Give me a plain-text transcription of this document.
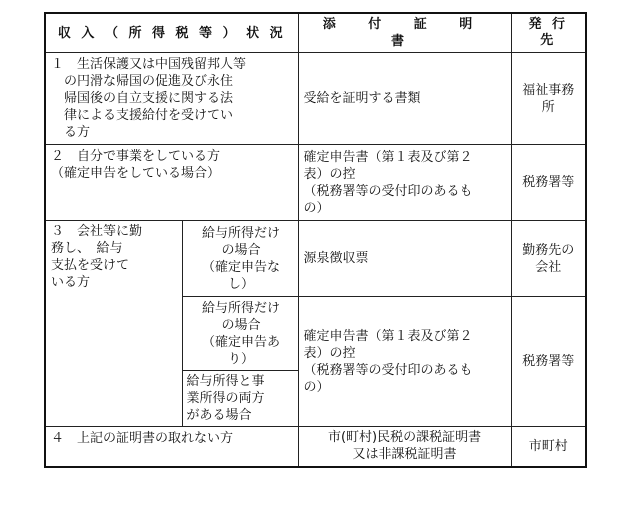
収 入 （ 所 得 税 等 ） 状 況		添 付 証 明 書	発 行
先
１　生活保護又は中国残留邦人等
　の円滑な帰国の促進及び永住
　帰国後の自立支援に関する法
　律による支援給付を受けてい
　る方		受給を証明する書類	福祉事務
所
２　自分で事業をしている方
（確定申告をしている場合）		確定申告書（第１表及び第２
表）の控
（税務署等の受付印のあるも
の）	税務署等
３　会社等に勤
務し、　給与
支払を受けて
いる方	給与所得だけ
の場合
（確定申告な
し）	源泉徴収票	勤務先の
会社
	給与所得だけ
の場合
（確定申告あ
り）	確定申告書（第１表及び第２
表）の控
（税務署等の受付印のあるも
の）	税務署等
	給与所得と事
業所得の両方
がある場合		
４　上記の証明書の取れない方		市(町村)民税の課税証明書
又は非課税証明書	市町村
